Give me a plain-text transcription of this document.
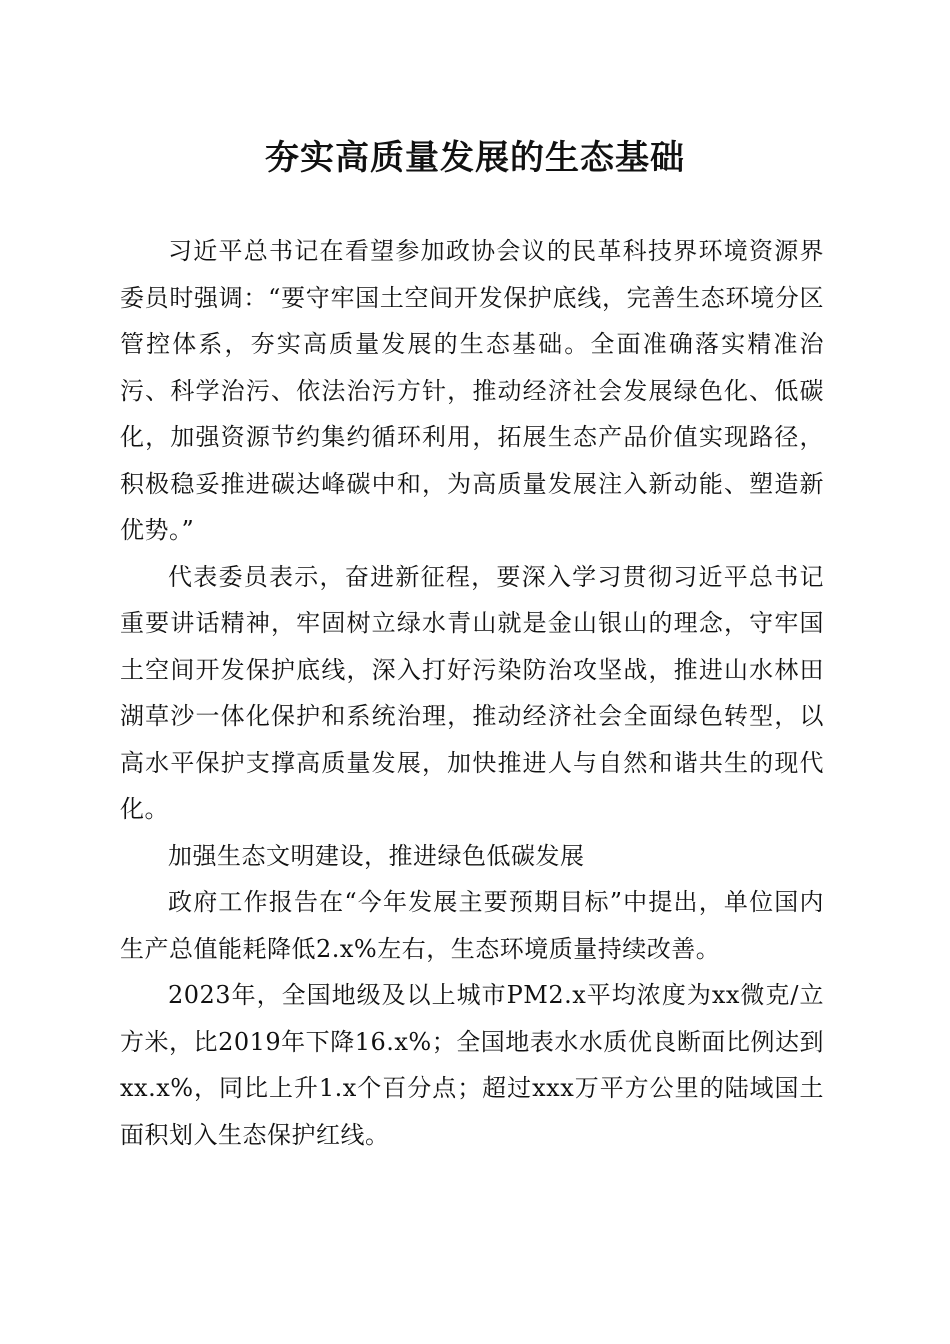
夯实高质量发展的生态基础

习近平总书记在看望参加政协会议的民革科技界环境资源界委员时强调：“要守牢国土空间开发保护底线，完善生态环境分区管控体系，夯实高质量发展的生态基础。全面准确落实精准治污、科学治污、依法治污方针，推动经济社会发展绿色化、低碳化，加强资源节约集约循环利用，拓展生态产品价值实现路径，积极稳妥推进碳达峰碳中和，为高质量发展注入新动能、塑造新优势。”

代表委员表示，奋进新征程，要深入学习贯彻习近平总书记重要讲话精神，牢固树立绿水青山就是金山银山的理念，守牢国土空间开发保护底线，深入打好污染防治攻坚战，推进山水林田湖草沙一体化保护和系统治理，推动经济社会全面绿色转型，以高水平保护支撑高质量发展，加快推进人与自然和谐共生的现代化。

加强生态文明建设，推进绿色低碳发展

政府工作报告在“今年发展主要预期目标”中提出，单位国内生产总值能耗降低2.x%左右，生态环境质量持续改善。

2023年，全国地级及以上城市PM2.x平均浓度为xx微克/立方米，比2019年下降16.x%；全国地表水水质优良断面比例达到xx.x%，同比上升1.x个百分点；超过xxx万平方公里的陆域国土面积划入生态保护红线。
